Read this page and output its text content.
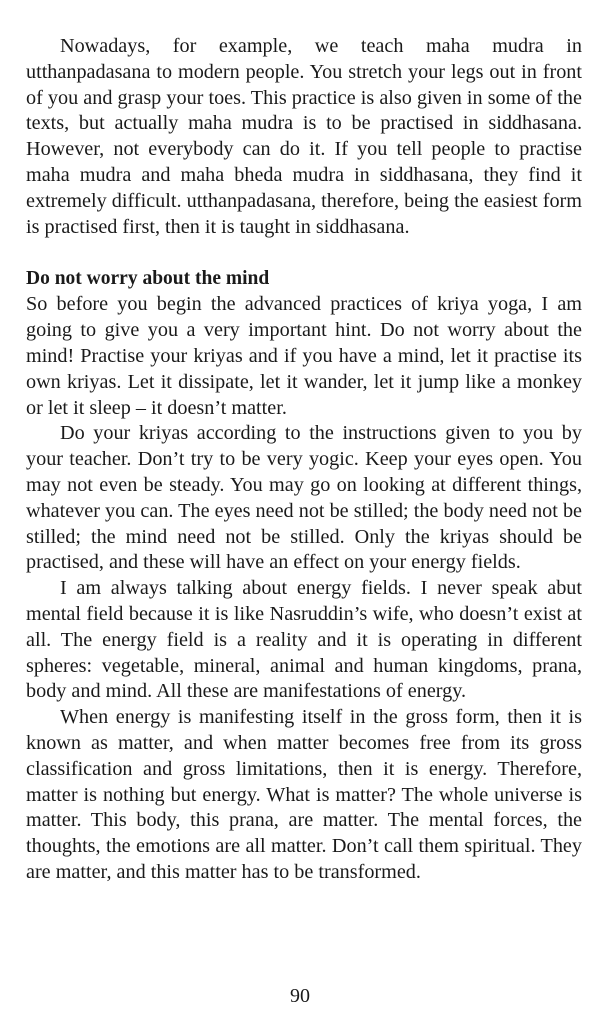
Nowadays, for example, we teach maha mudra in utthanpadasana to modern people. You stretch your legs out in front of you and grasp your toes. This practice is also given in some of the texts, but actually maha mudra is to be practised in siddhasana. However, not everybody can do it. If you tell people to practise maha mudra and maha bheda mudra in siddhasana, they find it extremely difficult. utthanpadasana, therefore, being the easiest form is practised first, then it is taught in siddhasana.

Do not worry about the mind

So before you begin the advanced practices of kriya yoga, I am going to give you a very important hint. Do not worry about the mind! Practise your kriyas and if you have a mind, let it practise its own kriyas. Let it dissipate, let it wander, let it jump like a monkey or let it sleep – it doesn’t matter.

Do your kriyas according to the instructions given to you by your teacher. Don’t try to be very yogic. Keep your eyes open. You may not even be steady. You may go on looking at different things, whatever you can. The eyes need not be stilled; the body need not be stilled; the mind need not be stilled. Only the kriyas should be practised, and these will have an effect on your energy fields.

I am always talking about energy fields. I never speak abut mental field because it is like Nasruddin’s wife, who doesn’t exist at all. The energy field is a reality and it is operating in different spheres: vegetable, mineral, animal and human kingdoms, prana, body and mind. All these are manifestations of energy.

When energy is manifesting itself in the gross form, then it is known as matter, and when matter becomes free from its gross classification and gross limitations, then it is energy. Therefore, matter is nothing but energy. What is matter? The whole universe is matter. This body, this prana, are matter. The mental forces, the thoughts, the emotions are all matter. Don’t call them spiritual. They are matter, and this matter has to be transformed.

90
